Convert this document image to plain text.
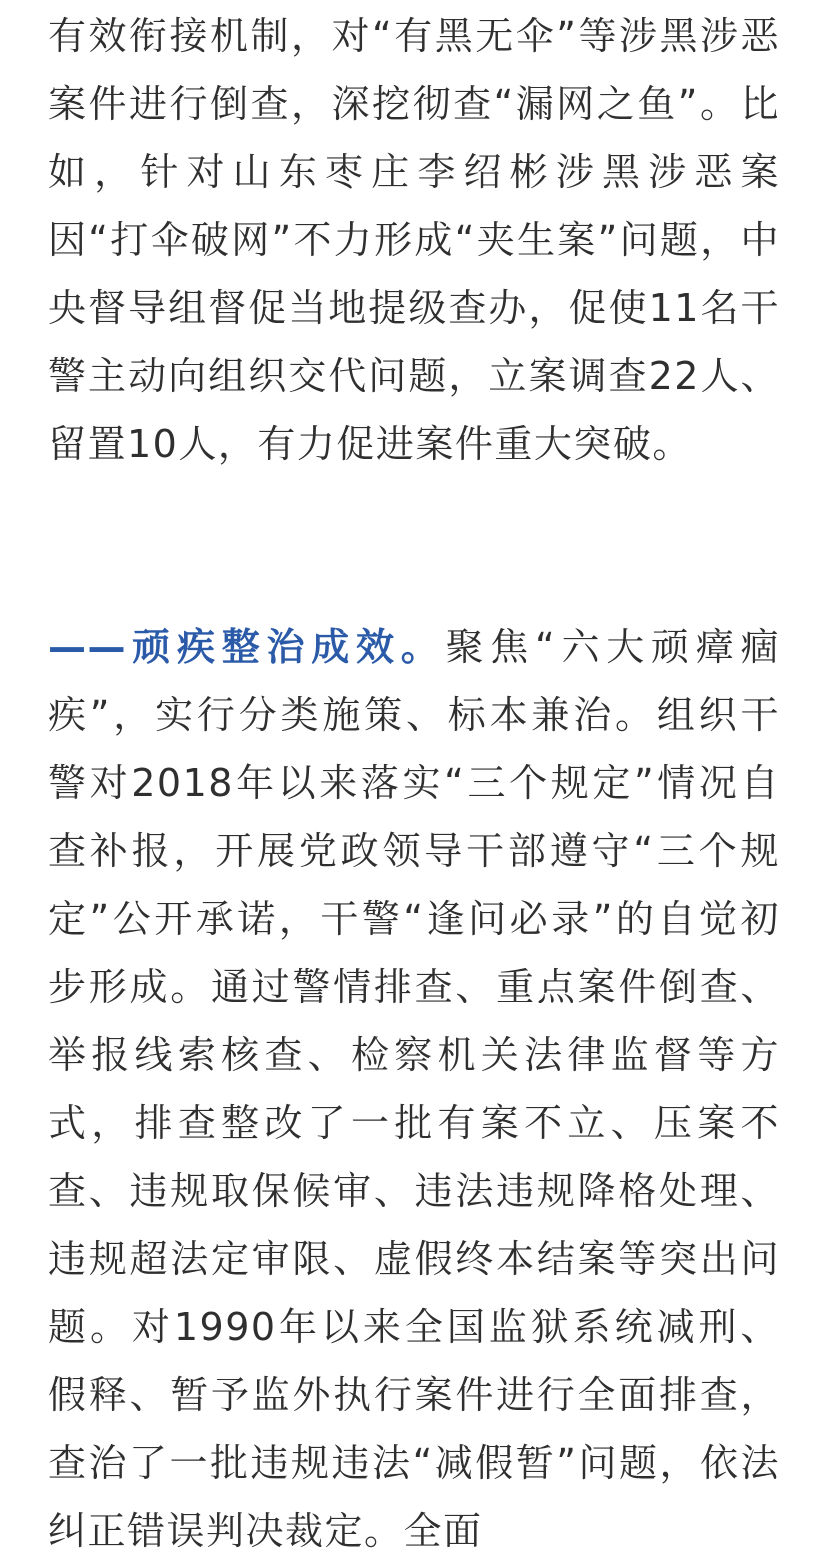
有效衔接机制，对“有黑无伞”等涉黑涉恶案件进行倒查，深挖彻查“漏网之鱼”。比如，针对山东枣庄李绍彬涉黑涉恶案因“打伞破网”不力形成“夹生案”问题，中央督导组督促当地提级查办，促使11名干警主动向组织交代问题，立案调查22人、留置10人，有力促进案件重大突破。

——顽疾整治成效。聚焦“六大顽瘴痼疾”，实行分类施策、标本兼治。组织干警对2018年以来落实“三个规定”情况自查补报，开展党政领导干部遵守“三个规定”公开承诺，干警“逢问必录”的自觉初步形成。通过警情排查、重点案件倒查、举报线索核查、检察机关法律监督等方式，排查整改了一批有案不立、压案不查、违规取保候审、违法违规降格处理、违规超法定审限、虚假终本结案等突出问题。对1990年以来全国监狱系统减刑、假释、暂予监外执行案件进行全面排查，查治了一批违规违法“减假暂”问题，依法纠正错误判决裁定。全面
